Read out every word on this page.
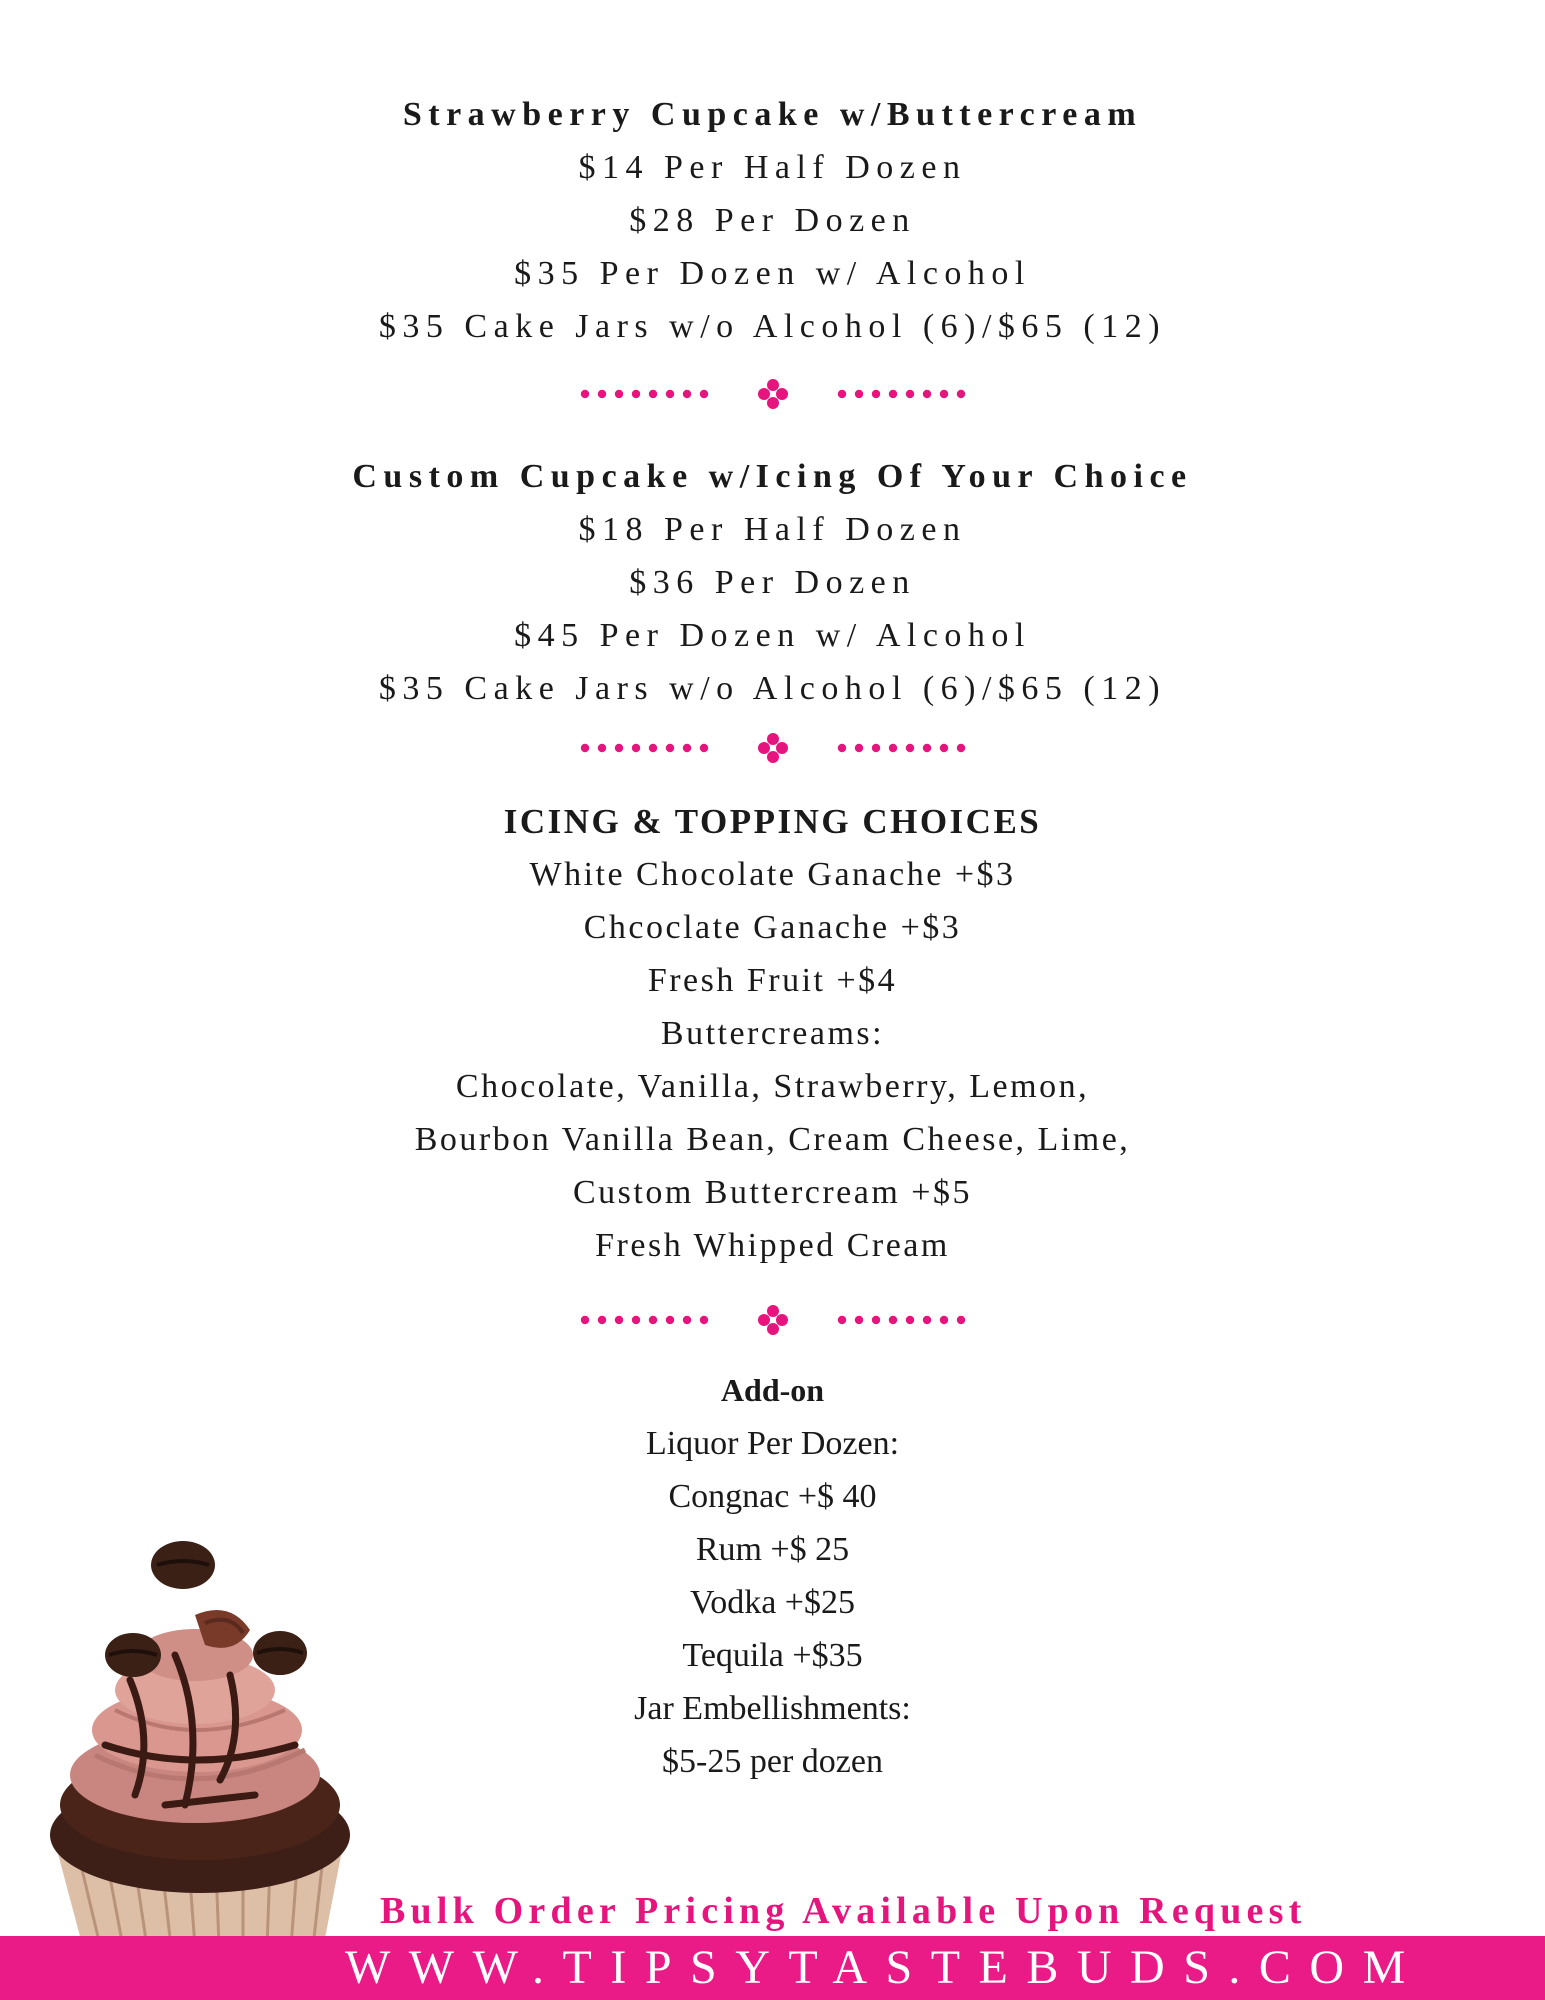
Strawberry Cupcake w/Buttercream
$14 Per Half Dozen
$28 Per Dozen
$35 Per Dozen w/ Alcohol
$35 Cake Jars w/o Alcohol (6)/$65 (12)
Custom Cupcake w/Icing Of Your Choice
$18 Per Half Dozen
$36 Per Dozen
$45 Per Dozen w/ Alcohol
$35 Cake Jars w/o Alcohol (6)/$65 (12)
ICING & TOPPING CHOICES
White Chocolate Ganache +$3
Chcoclate Ganache +$3
Fresh Fruit +$4
Buttercreams:
Chocolate, Vanilla, Strawberry, Lemon,
Bourbon Vanilla Bean, Cream Cheese, Lime,
Custom Buttercream +$5
Fresh Whipped Cream
Add-on
Liquor Per Dozen:
Congnac +$ 40
Rum +$ 25
Vodka +$25
Tequila +$35
Jar Embellishments:
$5-25 per dozen
Bulk Order Pricing Available Upon Request
WWW.TIPSYTASTEBUDS.COM
